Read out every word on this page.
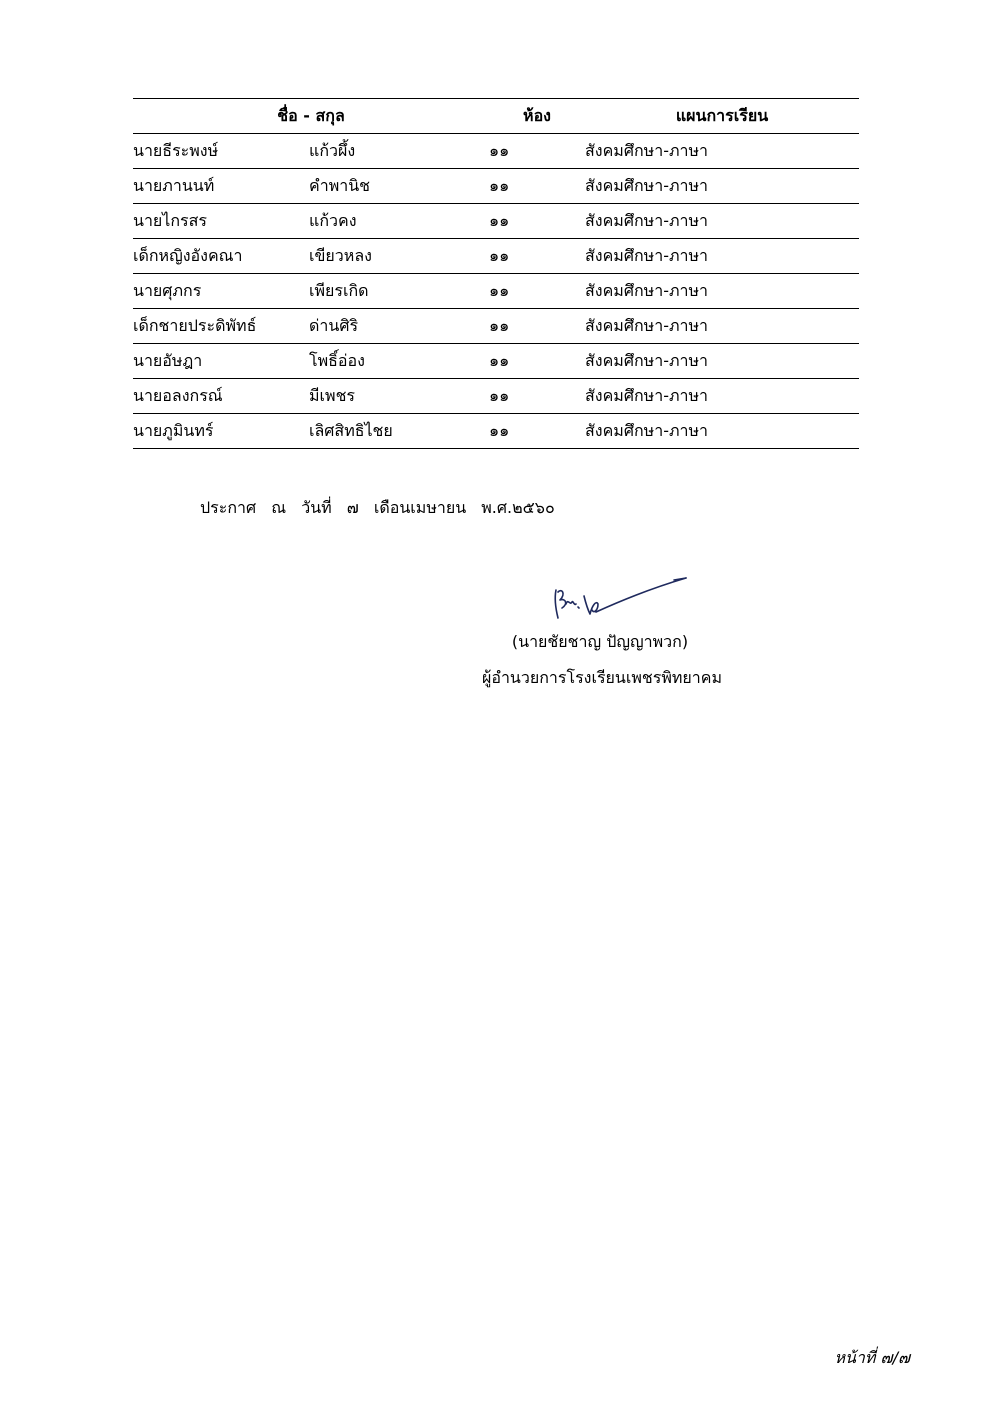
ชื่อ - สกุล		ห้อง	แผนการเรียน
นายธีระพงษ์	แก้วผึ้ง	๑๑	สังคมศึกษา-ภาษา
นายภานนท์	คำพานิช	๑๑	สังคมศึกษา-ภาษา
นายไกรสร	แก้วคง	๑๑	สังคมศึกษา-ภาษา
เด็กหญิงอังคณา	เขียวหลง	๑๑	สังคมศึกษา-ภาษา
นายศุภกร	เพียรเกิด	๑๑	สังคมศึกษา-ภาษา
เด็กชายประดิพัทธ์	ด่านศิริ	๑๑	สังคมศึกษา-ภาษา
นายอัษฎา	โพธิ์อ่อง	๑๑	สังคมศึกษา-ภาษา
นายอลงกรณ์	มีเพชร	๑๑	สังคมศึกษา-ภาษา
นายภูมินทร์	เลิศสิทธิไชย	๑๑	สังคมศึกษา-ภาษา
ประกาศ ณ วันที่ ๗ เดือนเมษายน พ.ศ.๒๕๖๐
(นายชัยชาญ ปัญญาพวก)
ผู้อำนวยการโรงเรียนเพชรพิทยาคม
หน้าที่ ๗/๗
